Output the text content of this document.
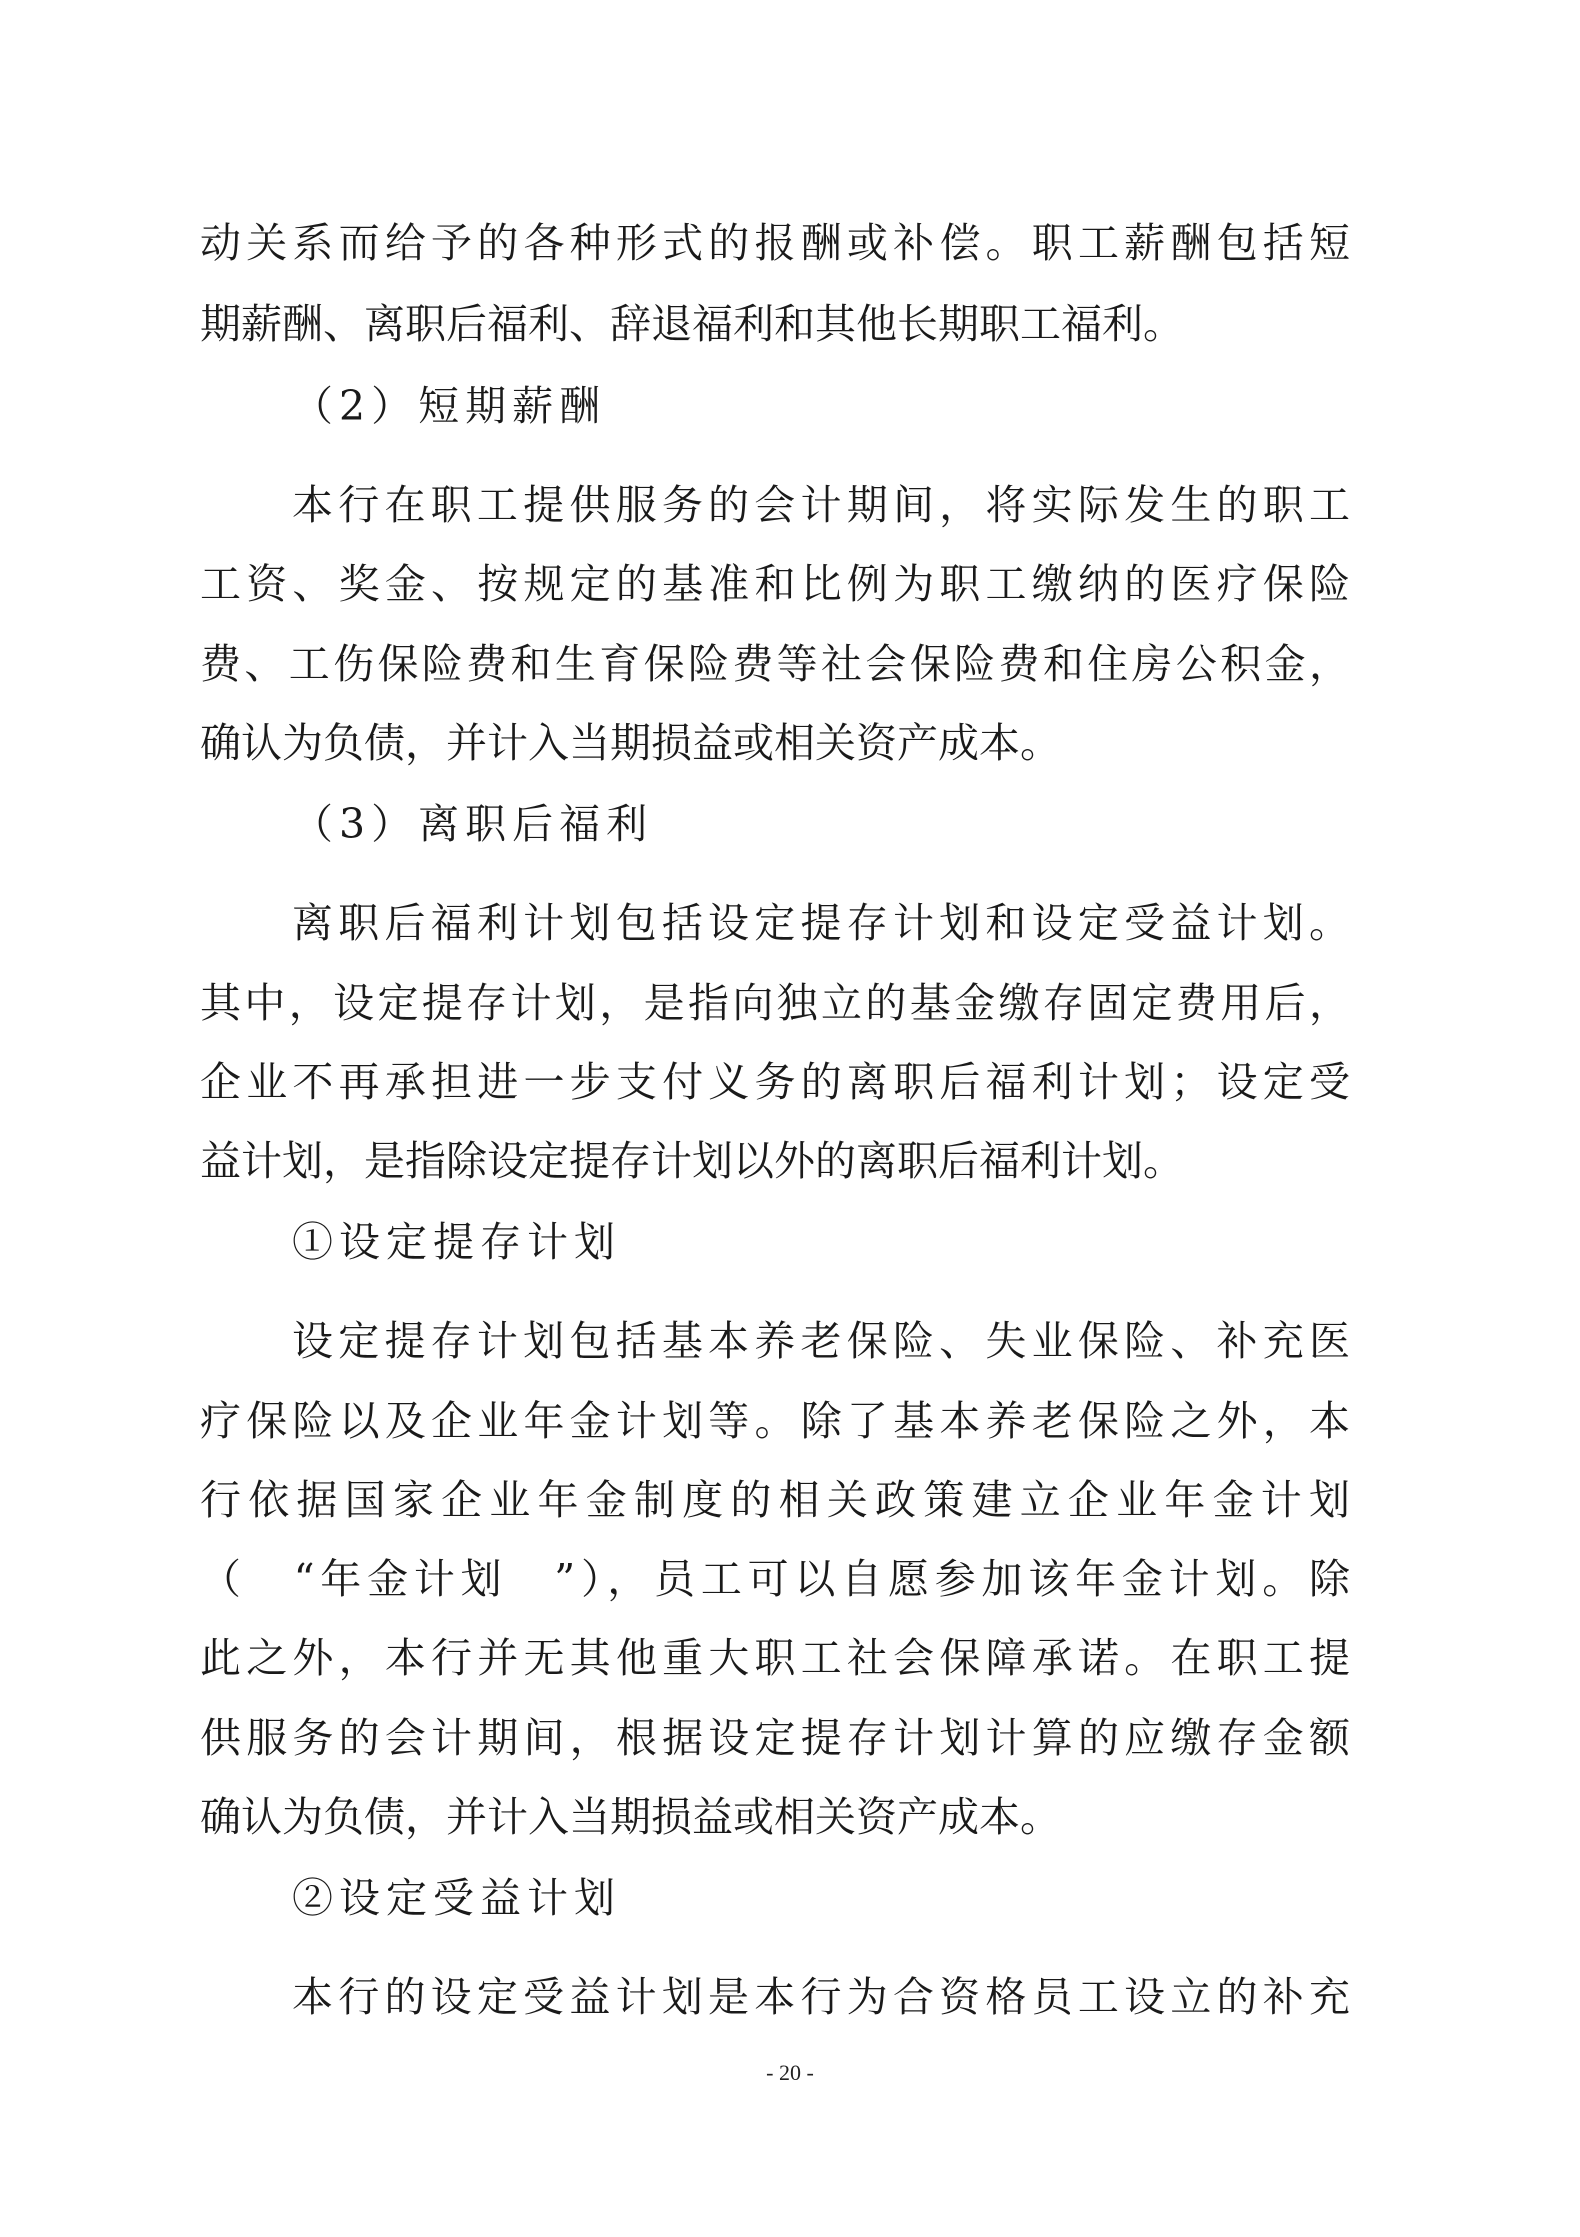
动关系而给予的各种形式的报酬或补偿。职工薪酬包括短
期薪酬、离职后福利、辞退福利和其他长期职工福利。
（2）短期薪酬
本行在职工提供服务的会计期间，将实际发生的职工
工资、奖金、按规定的基准和比例为职工缴纳的医疗保险
费、工伤保险费和生育保险费等社会保险费和住房公积金，
确认为负债，并计入当期损益或相关资产成本。
（3）离职后福利
离职后福利计划包括设定提存计划和设定受益计划。
其中，设定提存计划，是指向独立的基金缴存固定费用后，
企业不再承担进一步支付义务的离职后福利计划；设定受
益计划，是指除设定提存计划以外的离职后福利计划。
①设定提存计划
设定提存计划包括基本养老保险、失业保险、补充医
疗保险以及企业年金计划等。除了基本养老保险之外，本
行依据国家企业年金制度的相关政策建立企业年金计划
（　“年金计划　”），员工可以自愿参加该年金计划。除
此之外，本行并无其他重大职工社会保障承诺。在职工提
供服务的会计期间，根据设定提存计划计算的应缴存金额
确认为负债，并计入当期损益或相关资产成本。
②设定受益计划
本行的设定受益计划是本行为合资格员工设立的补充
- 20 -
